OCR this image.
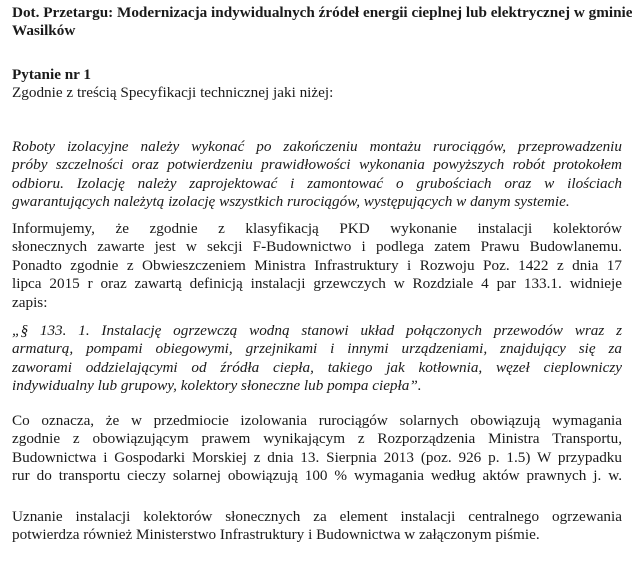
Dot. Przetargu: Modernizacja indywidualnych źródeł energii cieplnej lub elektrycznej w gminie
Wasilków
Pytanie nr 1
Zgodnie z treścią Specyfikacji technicznej jaki niżej:
Roboty izolacyjne należy wykonać po zakończeniu montażu rurociągów, przeprowadzeniu
próby szczelności oraz potwierdzeniu prawidłowości wykonania powyższych robót protokołem
odbioru. Izolację należy zaprojektować i zamontować o grubościach oraz w ilościach
gwarantujących należytą izolację wszystkich rurociągów, występujących w danym systemie.
Informujemy, że zgodnie z klasyfikacją PKD wykonanie instalacji kolektorów
słonecznych zawarte jest w sekcji F-Budownictwo i podlega zatem Prawu Budowlanemu.
Ponadto zgodnie z Obwieszczeniem Ministra Infrastruktury i Rozwoju Poz. 1422 z dnia 17
lipca 2015 r oraz zawartą definicją instalacji grzewczych w Rozdziale 4 par 133.1. widnieje
zapis:
„§ 133. 1. Instalację ogrzewczą wodną stanowi układ połączonych przewodów wraz z
armaturą, pompami obiegowymi, grzejnikami i innymi urządzeniami, znajdujący się za
zaworami oddzielającymi od źródła ciepła, takiego jak kotłownia, węzeł cieplowniczy
indywidualny lub grupowy, kolektory słoneczne lub pompa ciepła”.
Co oznacza, że w przedmiocie izolowania rurociągów solarnych obowiązują wymagania
zgodnie z obowiązującym prawem wynikającym z Rozporządzenia Ministra Transportu,
Budownictwa i Gospodarki Morskiej z dnia 13. Sierpnia 2013 (poz. 926 p. 1.5) W przypadku
rur do transportu cieczy solarnej obowiązują 100 % wymagania według aktów prawnych j. w.
Uznanie instalacji kolektorów słonecznych za element instalacji centralnego ogrzewania
potwierdza również Ministerstwo Infrastruktury i Budownictwa w załączonym piśmie.
